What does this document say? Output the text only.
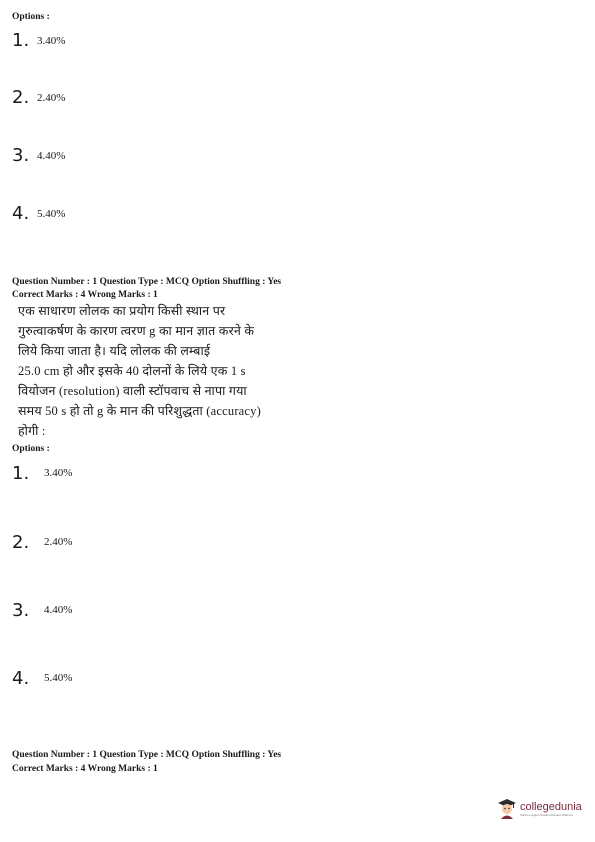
Options :
1. 3.40%
2. 2.40%
3. 4.40%
4. 5.40%
Question Number : 1 Question Type : MCQ Option Shuffling : Yes
Correct Marks : 4 Wrong Marks : 1
एक साधारण लोलक का प्रयोग किसी स्थान पर
गुरुत्वाकर्षण के कारण त्वरण g का मान ज्ञात करने के
लिये किया जाता है। यदि लोलक की लम्बाई
25.0 cm हो और इसके 40 दोलनों के लिये एक 1 s
वियोजन (resolution) वाली स्टॉपवाच से नापा गया
समय 50 s हो तो g के मान की परिशुद्धता (accuracy)
होगी :
Options :
1. 3.40%
2. 2.40%
3. 4.40%
4. 5.40%
Question Number : 1 Question Type : MCQ Option Shuffling : Yes
Correct Marks : 4 Wrong Marks : 1
collegedunia
India's Largest Student Review Platform
